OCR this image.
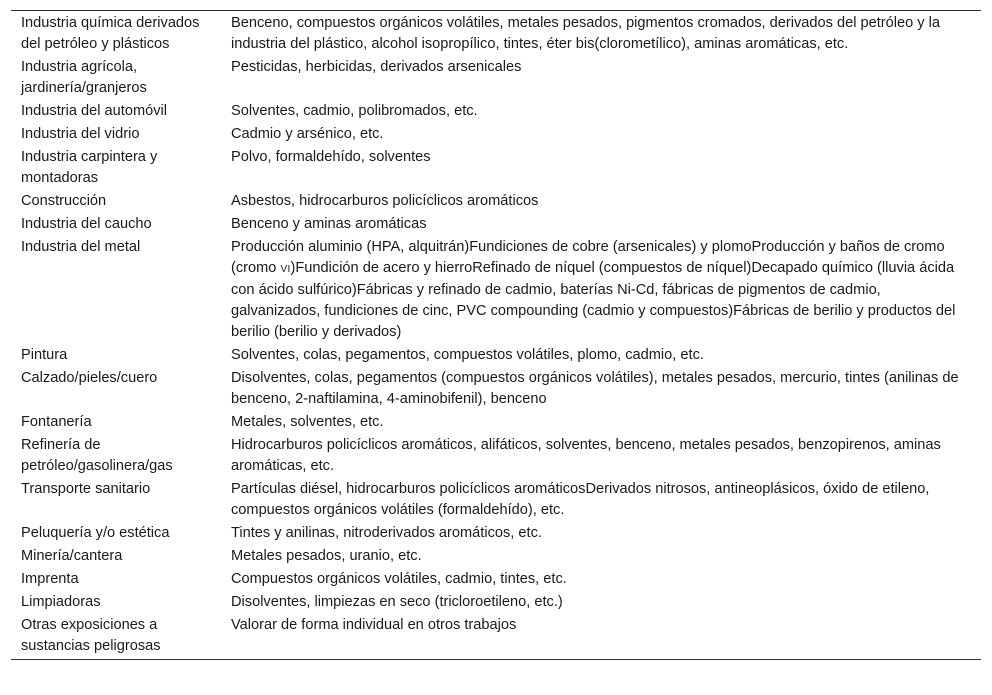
Industria química derivados del petróleo y plásticos	Benceno, compuestos orgánicos volátiles, metales pesados, pigmentos cromados, derivados del petróleo y la industria del plástico, alcohol isopropílico, tintes, éter bis(clorometílico), aminas aromáticas, etc.
Industria agrícola, jardinería/granjeros	Pesticidas, herbicidas, derivados arsenicales
Industria del automóvil	Solventes, cadmio, polibromados, etc.
Industria del vidrio	Cadmio y arsénico, etc.
Industria carpintera y montadoras	Polvo, formaldehído, solventes
Construcción	Asbestos, hidrocarburos policíclicos aromáticos
Industria del caucho	Benceno y aminas aromáticas
Industria del metal	Producción aluminio (HPA, alquitrán)Fundiciones de cobre (arsenicales) y plomoProducción y baños de cromo (cromo VI)Fundición de acero y hierroRefinado de níquel (compuestos de níquel)Decapado químico (lluvia ácida con ácido sulfúrico)Fábricas y refinado de cadmio, baterías Ni-Cd, fábricas de pigmentos de cadmio, galvanizados, fundiciones de cinc, PVC compounding (cadmio y compuestos)Fábricas de berilio y productos del berilio (berilio y derivados)
Pintura	Solventes, colas, pegamentos, compuestos volátiles, plomo, cadmio, etc.
Calzado/pieles/cuero	Disolventes, colas, pegamentos (compuestos orgánicos volátiles), metales pesados, mercurio, tintes (anilinas de benceno, 2-naftilamina, 4-aminobifenil), benceno
Fontanería	Metales, solventes, etc.
Refinería de petróleo/gasolinera/gas	Hidrocarburos policíclicos aromáticos, alifáticos, solventes, benceno, metales pesados, benzopirenos, aminas aromáticas, etc.
Transporte sanitario	Partículas diésel, hidrocarburos policíclicos aromáticosDerivados nitrosos, antineoplásicos, óxido de etileno, compuestos orgánicos volátiles (formaldehído), etc.
Peluquería y/o estética	Tintes y anilinas, nitroderivados aromáticos, etc.
Minería/cantera	Metales pesados, uranio, etc.
Imprenta	Compuestos orgánicos volátiles, cadmio, tintes, etc.
Limpiadoras	Disolventes, limpiezas en seco (tricloroetileno, etc.)
Otras exposiciones a sustancias peligrosas	Valorar de forma individual en otros trabajos
